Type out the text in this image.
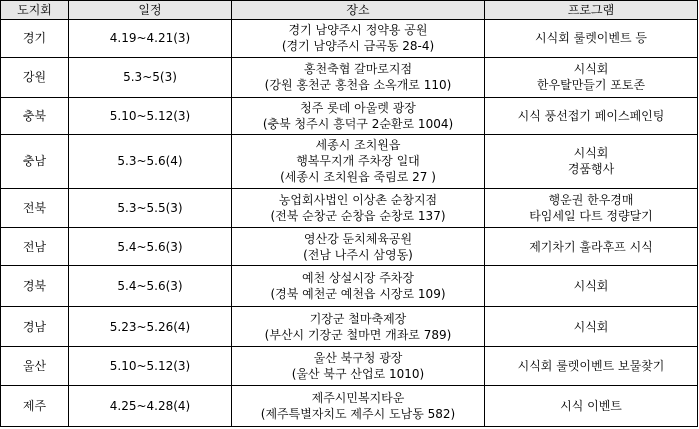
도지회	일정	장소	프로그램
경기	4.19~4.21(3)	경기 남양주시 정약용 공원
(경기 남양주시 금곡동 28-4)	시식회 룰렛이벤트 등

강원	5.3~5(3)	홍천축협 갈마로지점
(강원 홍천군 홍천읍 소옥개로 110)	시식회
한우탈만들기 포토존

충북	5.10~5.12(3)	청주 롯데 아울렛 광장
(충북 청주시 흥덕구 2순환로 1004)	시식 풍선접기 페이스페인팅

충남	5.3~5.6(4)	세종시 조치원읍
행복무지개 주차장 일대
(세종시 조치원읍 죽림로 27 )	시식회
경품행사

전북	5.3~5.5(3)	농업회사법인 이상촌 순창지점
(전북 순창군 순창읍 순창로 137)	행운권 한우경매
타임세일 다트 정량달기

전남	5.4~5.6(3)	영산강 둔치체육공원
(전남 나주시 삼영동)	제기차기 훌라후프 시식

경북	5.4~5.6(3)	예천 상설시장 주차장
(경북 예천군 예천읍 시장로 109)	시식회

경남	5.23~5.26(4)	기장군 철마축제장
(부산시 기장군 철마면 개좌로 789)	시식회

울산	5.10~5.12(3)	울산 북구청 광장
(울산 북구 산업로 1010)	시식회 룰렛이벤트 보물찾기

제주	4.25~4.28(4)	제주시민복지타운
(제주특별자치도 제주시 도남동 582)	시식 이벤트
